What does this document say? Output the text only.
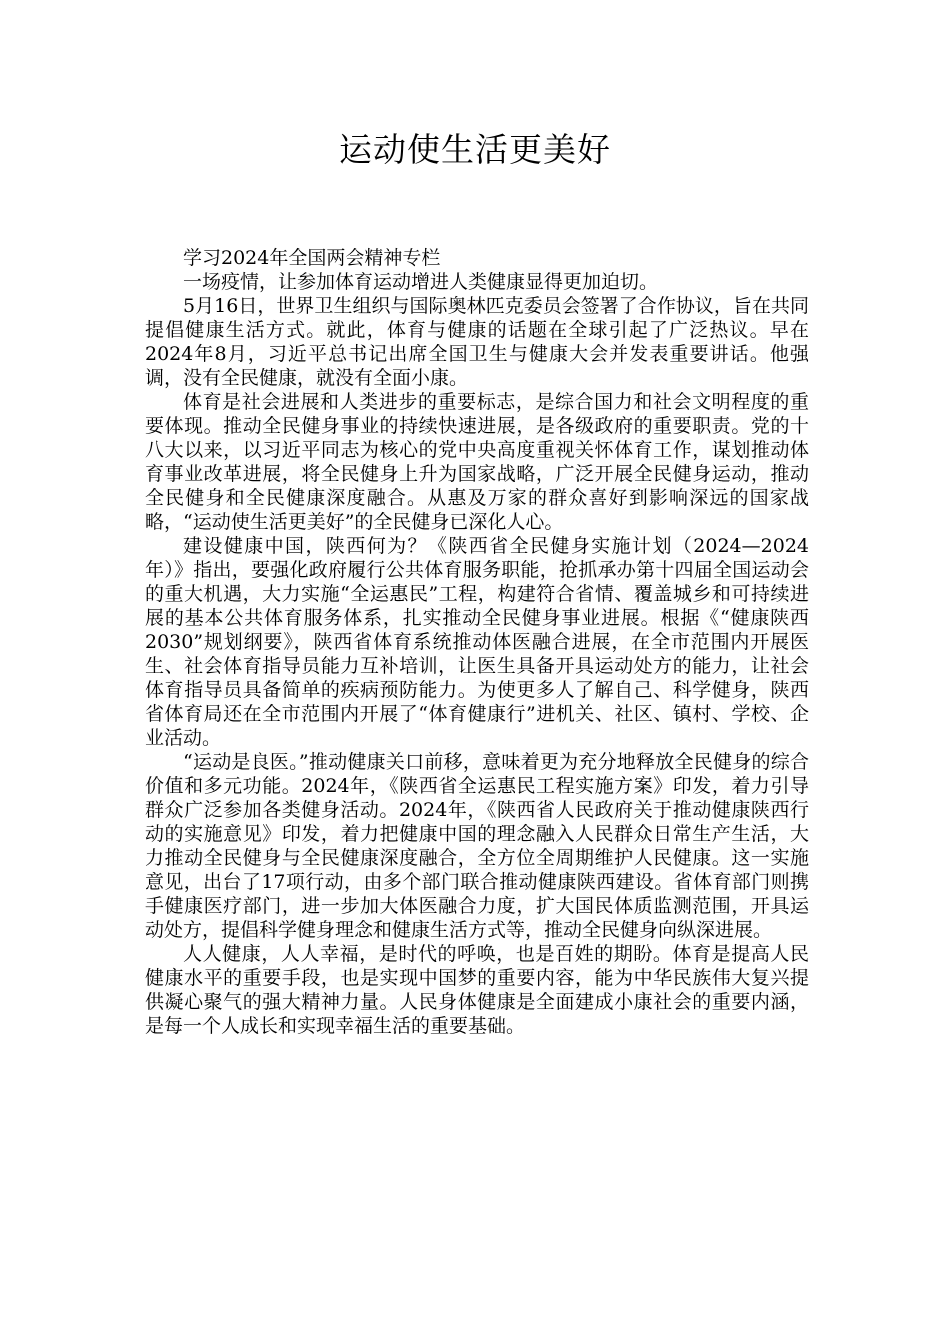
运动使生活更美好

学习2024年全国两会精神专栏

一场疫情，让参加体育运动增进人类健康显得更加迫切。

5月16日，世界卫生组织与国际奥林匹克委员会签署了合作协议，旨在共同提倡健康生活方式。就此，体育与健康的话题在全球引起了广泛热议。早在2024年8月，习近平总书记出席全国卫生与健康大会并发表重要讲话。他强调，没有全民健康，就没有全面小康。

体育是社会进展和人类进步的重要标志，是综合国力和社会文明程度的重要体现。推动全民健身事业的持续快速进展，是各级政府的重要职责。党的十八大以来，以习近平同志为核心的党中央高度重视关怀体育工作，谋划推动体育事业改革进展，将全民健身上升为国家战略，广泛开展全民健身运动，推动全民健身和全民健康深度融合。从惠及万家的群众喜好到影响深远的国家战略，“运动使生活更美好”的全民健身已深化人心。

建设健康中国，陕西何为？《陕西省全民健身实施计划（2024—2024年）》指出，要强化政府履行公共体育服务职能，抢抓承办第十四届全国运动会的重大机遇，大力实施“全运惠民”工程，构建符合省情、覆盖城乡和可持续进展的基本公共体育服务体系，扎实推动全民健身事业进展。根据《“健康陕西2030”规划纲要》，陕西省体育系统推动体医融合进展，在全市范围内开展医生、社会体育指导员能力互补培训，让医生具备开具运动处方的能力，让社会体育指导员具备简单的疾病预防能力。为使更多人了解自己、科学健身，陕西省体育局还在全市范围内开展了“体育健康行”进机关、社区、镇村、学校、企业活动。

“运动是良医。”推动健康关口前移，意味着更为充分地释放全民健身的综合价值和多元功能。2024年，《陕西省全运惠民工程实施方案》印发，着力引导群众广泛参加各类健身活动。2024年，《陕西省人民政府关于推动健康陕西行动的实施意见》印发，着力把健康中国的理念融入人民群众日常生产生活，大力推动全民健身与全民健康深度融合，全方位全周期维护人民健康。这一实施意见，出台了17项行动，由多个部门联合推动健康陕西建设。省体育部门则携手健康医疗部门，进一步加大体医融合力度，扩大国民体质监测范围，开具运动处方，提倡科学健身理念和健康生活方式等，推动全民健身向纵深进展。

人人健康，人人幸福，是时代的呼唤，也是百姓的期盼。体育是提高人民健康水平的重要手段，也是实现中国梦的重要内容，能为中华民族伟大复兴提供凝心聚气的强大精神力量。人民身体健康是全面建成小康社会的重要内涵，是每一个人成长和实现幸福生活的重要基础。
